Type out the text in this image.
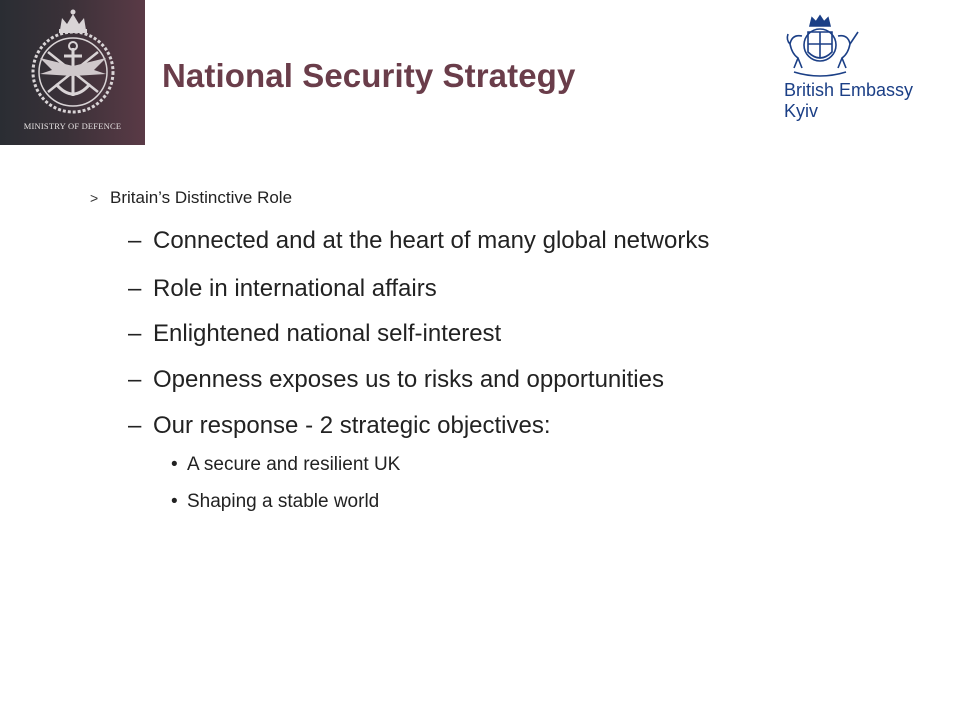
MINISTRY OF DEFENCE
National Security Strategy	British Embassy
Kyiv
> Britain’s Distinctive Role
– Connected and at the heart of many global networks
– Role in international affairs
– Enlightened national self-interest
– Openness exposes us to risks and opportunities
– Our response - 2 strategic objectives:
• A secure and resilient UK
• Shaping a stable world
